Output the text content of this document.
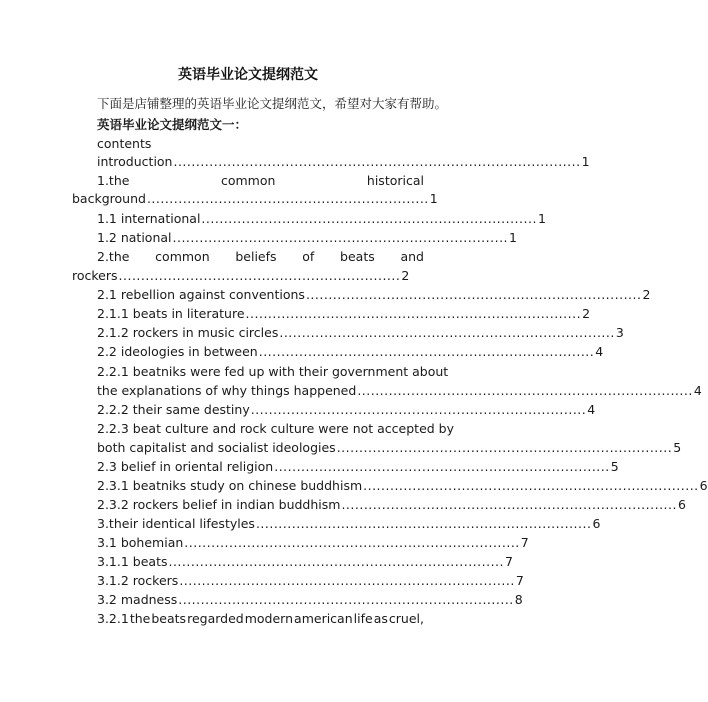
英语毕业论文提纲范文
下面是店铺整理的英语毕业论文提纲范文，希望对大家有帮助。
英语毕业论文提纲范文一：
contents
introduction ........................................................................................... 1
1.the	common	historical
background ............................................................... 1
1.1 international ........................................................................... 1
1.2 national ........................................................................... 1
2.the common beliefs of beats and
rockers ............................................................... 2
2.1 rebellion against conventions ........................................................................... 2
2.1.1 beats in literature ........................................................................... 2
2.1.2 rockers in music circles ........................................................................... 3
2.2 ideologies in between ........................................................................... 4
2.2.1 beatniks were fed up with their government about
the explanations of why things happened ........................................................................... 4
2.2.2 their same destiny ........................................................................... 4
2.2.3 beat culture and rock culture were not accepted by
both capitalist and socialist ideologies ........................................................................... 5
2.3 belief in oriental religion ........................................................................... 5
2.3.1 beatniks study on chinese buddhism ........................................................................... 6
2.3.2 rockers belief in indian buddhism ........................................................................... 6
3.their identical lifestyles ........................................................................... 6
3.1 bohemian ........................................................................... 7
3.1.1 beats ........................................................................... 7
3.1.2 rockers ........................................................................... 7
3.2 madness ........................................................................... 8
3.2.1 the beats regarded modern american life as cruel,
